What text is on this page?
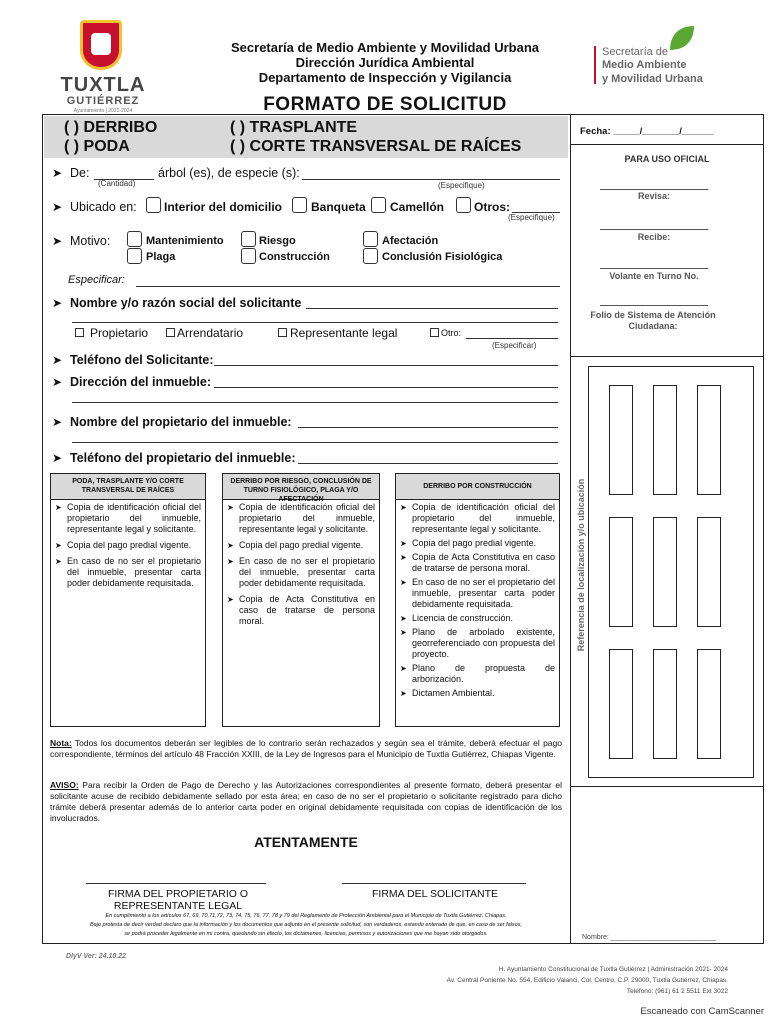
TUXTLA
GUTIÉRREZ
Ayuntamiento | 2021-2024
Secretaría de Medio Ambiente y Movilidad Urbana
Dirección Jurídica Ambiental
Departamento de Inspección y Vigilancia
FORMATO DE SOLICITUD
Secretaría de
Medio Ambiente
y Movilidad Urbana
( ) DERRIBO	( ) TRASPLANTE
( ) PODA	( ) CORTE TRANSVERSAL DE RAÍCES
➤ De:	árbol (es), de especie (s):
(Cantidad)	(Especifique)
➤ Ubicado en: Interior del domicilio Banqueta Camellón Otros:
(Especifique)
➤ Motivo:	Mantenimiento	Riesgo	Afectación
Plaga	Construcción	Conclusión Fisiológica
Especificar:
➤ Nombre y/o razón social del solicitante
Propietario Arrendatario	Representante legal	Otro:
(Especificar)
➤ Teléfono del Solicitante:
➤ Dirección del inmueble:
➤ Nombre del propietario del inmueble:
➤ Teléfono del propietario del inmueble:
PODA, TRASPLANTE Y/O CORTE TRANSVERSAL DE RAÍCES

➤ Copia de identificación oficial del propietario del inmueble, representante legal y solicitante.

➤ Copia del pago predial vigente.

➤ En caso de no ser el propietario del inmueble, presentar carta poder debidamente requisitada.

DERRIBO POR RIESGO, CONCLUSIÓN DE TURNO FISIOLÓGICO, PLAGA Y/O AFECTACIÓN

➤ Copia de identificación oficial del propietario del inmueble, representante legal y solicitante.

➤ Copia del pago predial vigente.

➤ En caso de no ser el propietario del inmueble, presentar carta poder debidamente requisitada.

➤ Copia de Acta Constitutiva en caso de tratarse de persona moral.

DERRIBO POR CONSTRUCCIÓN

➤ Copia de identificación oficial del propietario del inmueble, representante legal y solicitante.

➤ Copia del pago predial vigente.

➤ Copia de Acta Constitutiva en caso de tratarse de persona moral.

➤ En caso de no ser el propietario del inmueble, presentar carta poder debidamente requisitada.

➤ Licencia de construcción.

➤ Plano de arbolado existente, georreferenciado con propuesta del proyecto.

➤ Plano de propuesta de arborización.

➤ Dictamen Ambiental.

Nota: Todos los documentos deberán ser legibles de lo contrario serán rechazados y según sea el trámite, deberá efectuar el pago correspondiente, términos del artículo 48 Fracción XXIII, de la Ley de Ingresos para el Municipio de Tuxtla Gutiérrez, Chiapas Vigente.
AVISO: Para recibir la Orden de Pago de Derecho y las Autorizaciones correspondientes al presente formato, deberá presentar el solicitante acuse de recibido debidamente sellado por esta área; en caso de no ser el propietario o solicitante registrado para dicho trámite deberá presentar además de lo anterior carta poder en original debidamente requisitada con copias de identificación de los involucrados.
ATENTAMENTE
FIRMA DEL PROPIETARIO O REPRESENTANTE LEGAL
FIRMA DEL SOLICITANTE
En cumplimiento a los artículos 67, 69, 70,71,72, 73, 74, 75, 76, 77, 78 y 79 del Reglamento de Protección Ambiental para el Municipio de Tuxtla Gutiérrez, Chiapas.
Bajo protesta de decir verdad declaro que la información y los documentos que adjunto en el presente solicitud, son verdaderos, estando enterado de que, en caso de ser falsos,
se podrá proceder legalmente en mi contra, quedando sin efecto, los dictámenes, licencias, permisos y autorizaciones que me hayan sido otorgados.
Fecha: _____/_______/______
PARA USO OFICIAL
Revisa:
Recibe:
Volante en Turno No.
Folio de Sistema de Atención Ciudadana:
Referencia de localización y/o ubicación
Nombre: ___________________________
DIyV Ver: 24.10.22
H. Ayuntamiento Constitucional de Tuxtla Gutiérrez | Administración 2021- 2024
Av. Central Poniente No. 554, Edificio Valanci, Col. Centro, C.P. 29000, Tuxtla Gutiérrez, Chiapas.
Teléfono: (961) 61 2 5511 Ext 3022
Escaneado con CamScanner
